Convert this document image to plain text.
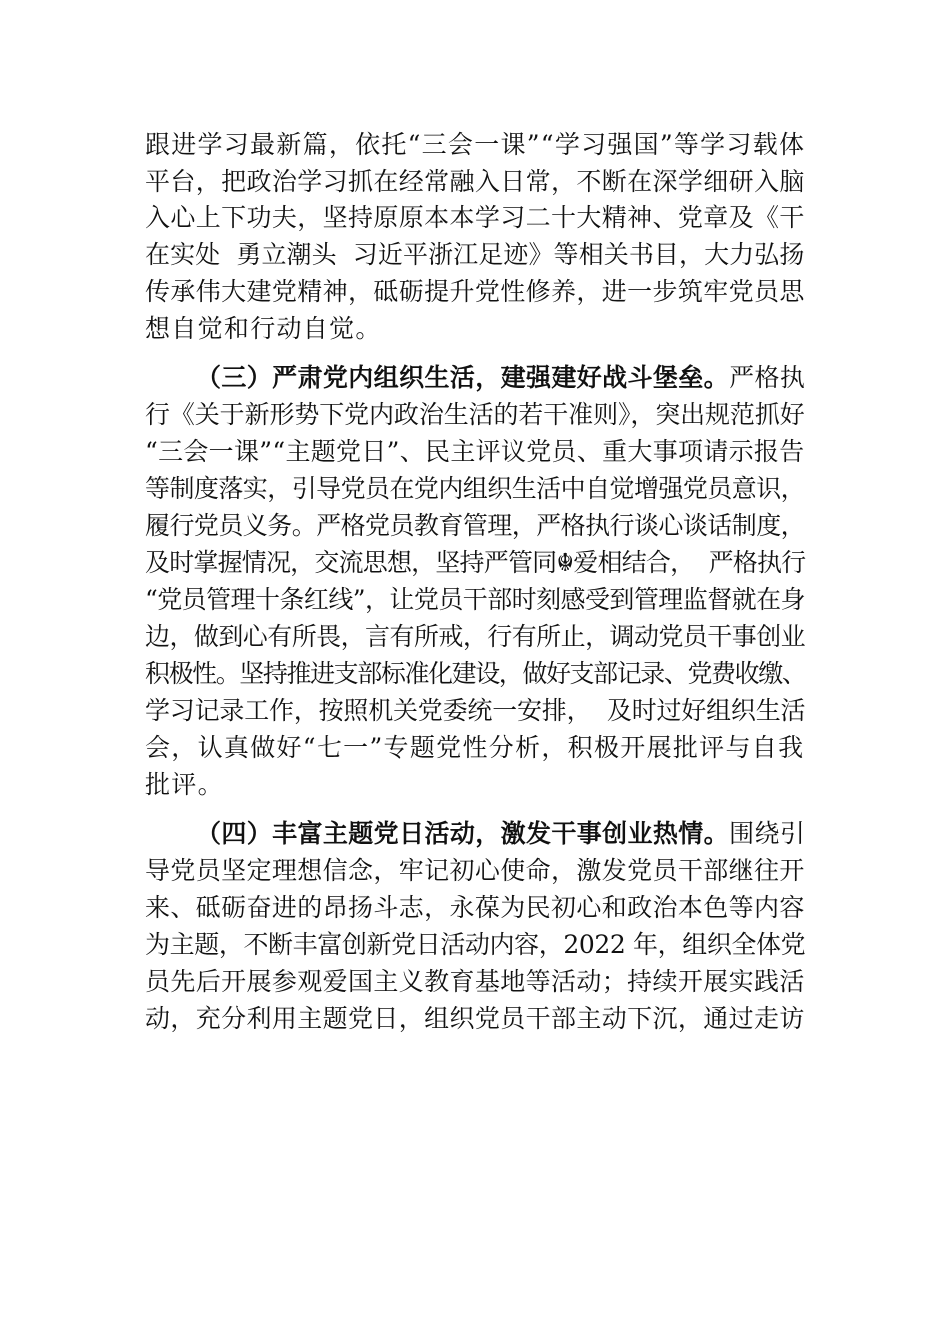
跟进学习最新篇，依托“三会一课”“学习强国”等学习载体
平台，把政治学习抓在经常融入日常，不断在深学细研入脑
入心上下功夫，坚持原原本本学习二十大精神、党章及《干
在实处  勇立潮头  习近平浙江足迹》等相关书目，大力弘扬
传承伟大建党精神，砥砺提升党性修养，进一步筑牢党员思
想自觉和行动自觉。
（三）严肃党内组织生活，建强建好战斗堡垒。严格执
行《关于新形势下党内政治生活的若干准则》，突出规范抓好
“三会一课”“主题党日”、民主评议党员、重大事项请示报告
等制度落实，引导党员在党内组织生活中自觉增强党员意识，
履行党员义务。严格党员教育管理，严格执行谈心谈话制度，
及时掌握情况，交流思想，坚持严管同☬爱相结合，  严格执行
“党员管理十条红线”，让党员干部时刻感受到管理监督就在身
边，做到心有所畏，言有所戒，行有所止，调动党员干事创业
积极性。坚持推进支部标准化建设，做好支部记录、党费收缴、
学习记录工作，按照机关党委统一安排，  及时过好组织生活
会，认真做好“七一”专题党性分析，积极开展批评与自我
批评。
（四）丰富主题党日活动，激发干事创业热情。围绕引
导党员坚定理想信念，牢记初心使命，激发党员干部继往开
来、砥砺奋进的昂扬斗志，永葆为民初心和政治本色等内容
为主题，不断丰富创新党日活动内容，2022 年，组织全体党
员先后开展参观爱国主义教育基地等活动；持续开展实践活
动，充分利用主题党日，组织党员干部主动下沉，通过走访
